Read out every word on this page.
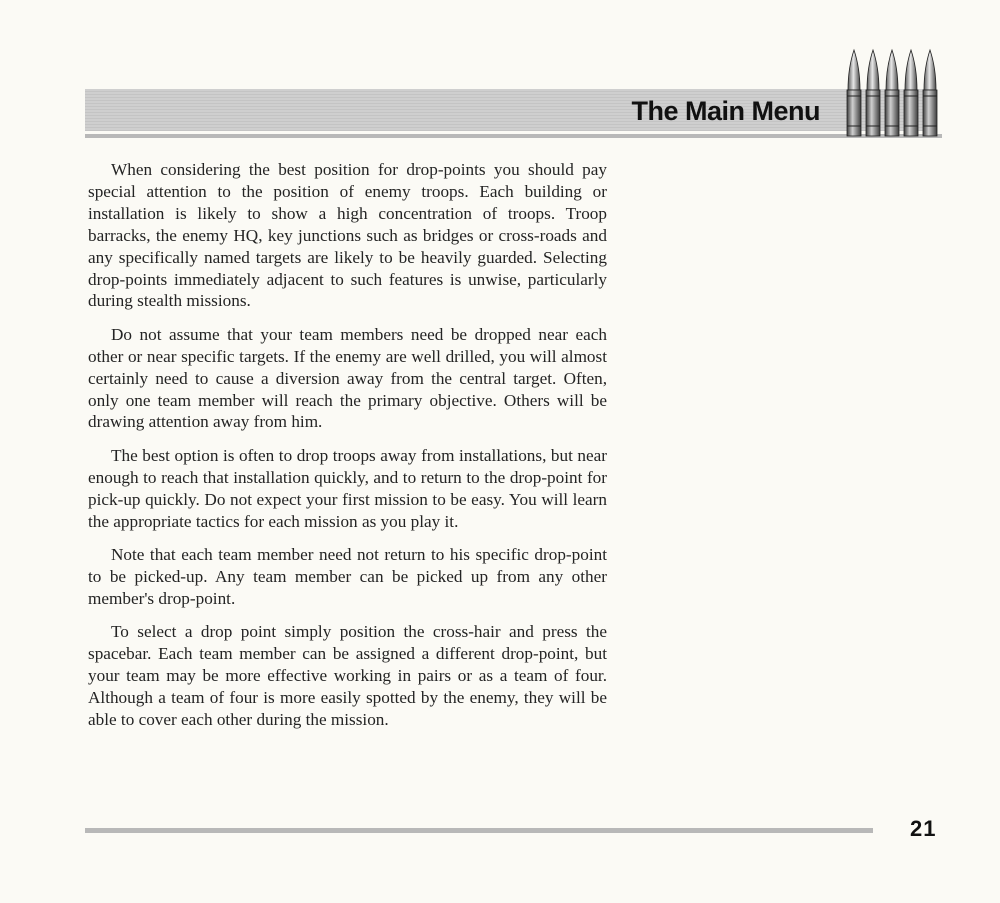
The Main Menu

When considering the best position for drop-points you should pay special attention to the position of enemy troops. Each building or installation is likely to show a high concentration of troops. Troop barracks, the enemy HQ, key junctions such as bridges or cross-roads and any specifically named targets are likely to be heavily guarded. Selecting drop-points immediately adjacent to such features is unwise, particularly during stealth missions.

Do not assume that your team members need be dropped near each other or near specific targets. If the enemy are well drilled, you will almost certainly need to cause a diversion away from the central target. Often, only one team member will reach the primary objective. Others will be drawing attention away from him.

The best option is often to drop troops away from installations, but near enough to reach that installation quickly, and to return to the drop-point for pick-up quickly. Do not expect your first mission to be easy. You will learn the appropriate tactics for each mission as you play it.

Note that each team member need not return to his specific drop-point to be picked-up. Any team member can be picked up from any other member's drop-point.

To select a drop point simply position the cross-hair and press the spacebar. Each team member can be assigned a different drop-point, but your team may be more effective working in pairs or as a team of four. Although a team of four is more easily spotted by the enemy, they will be able to cover each other during the mission.

21
